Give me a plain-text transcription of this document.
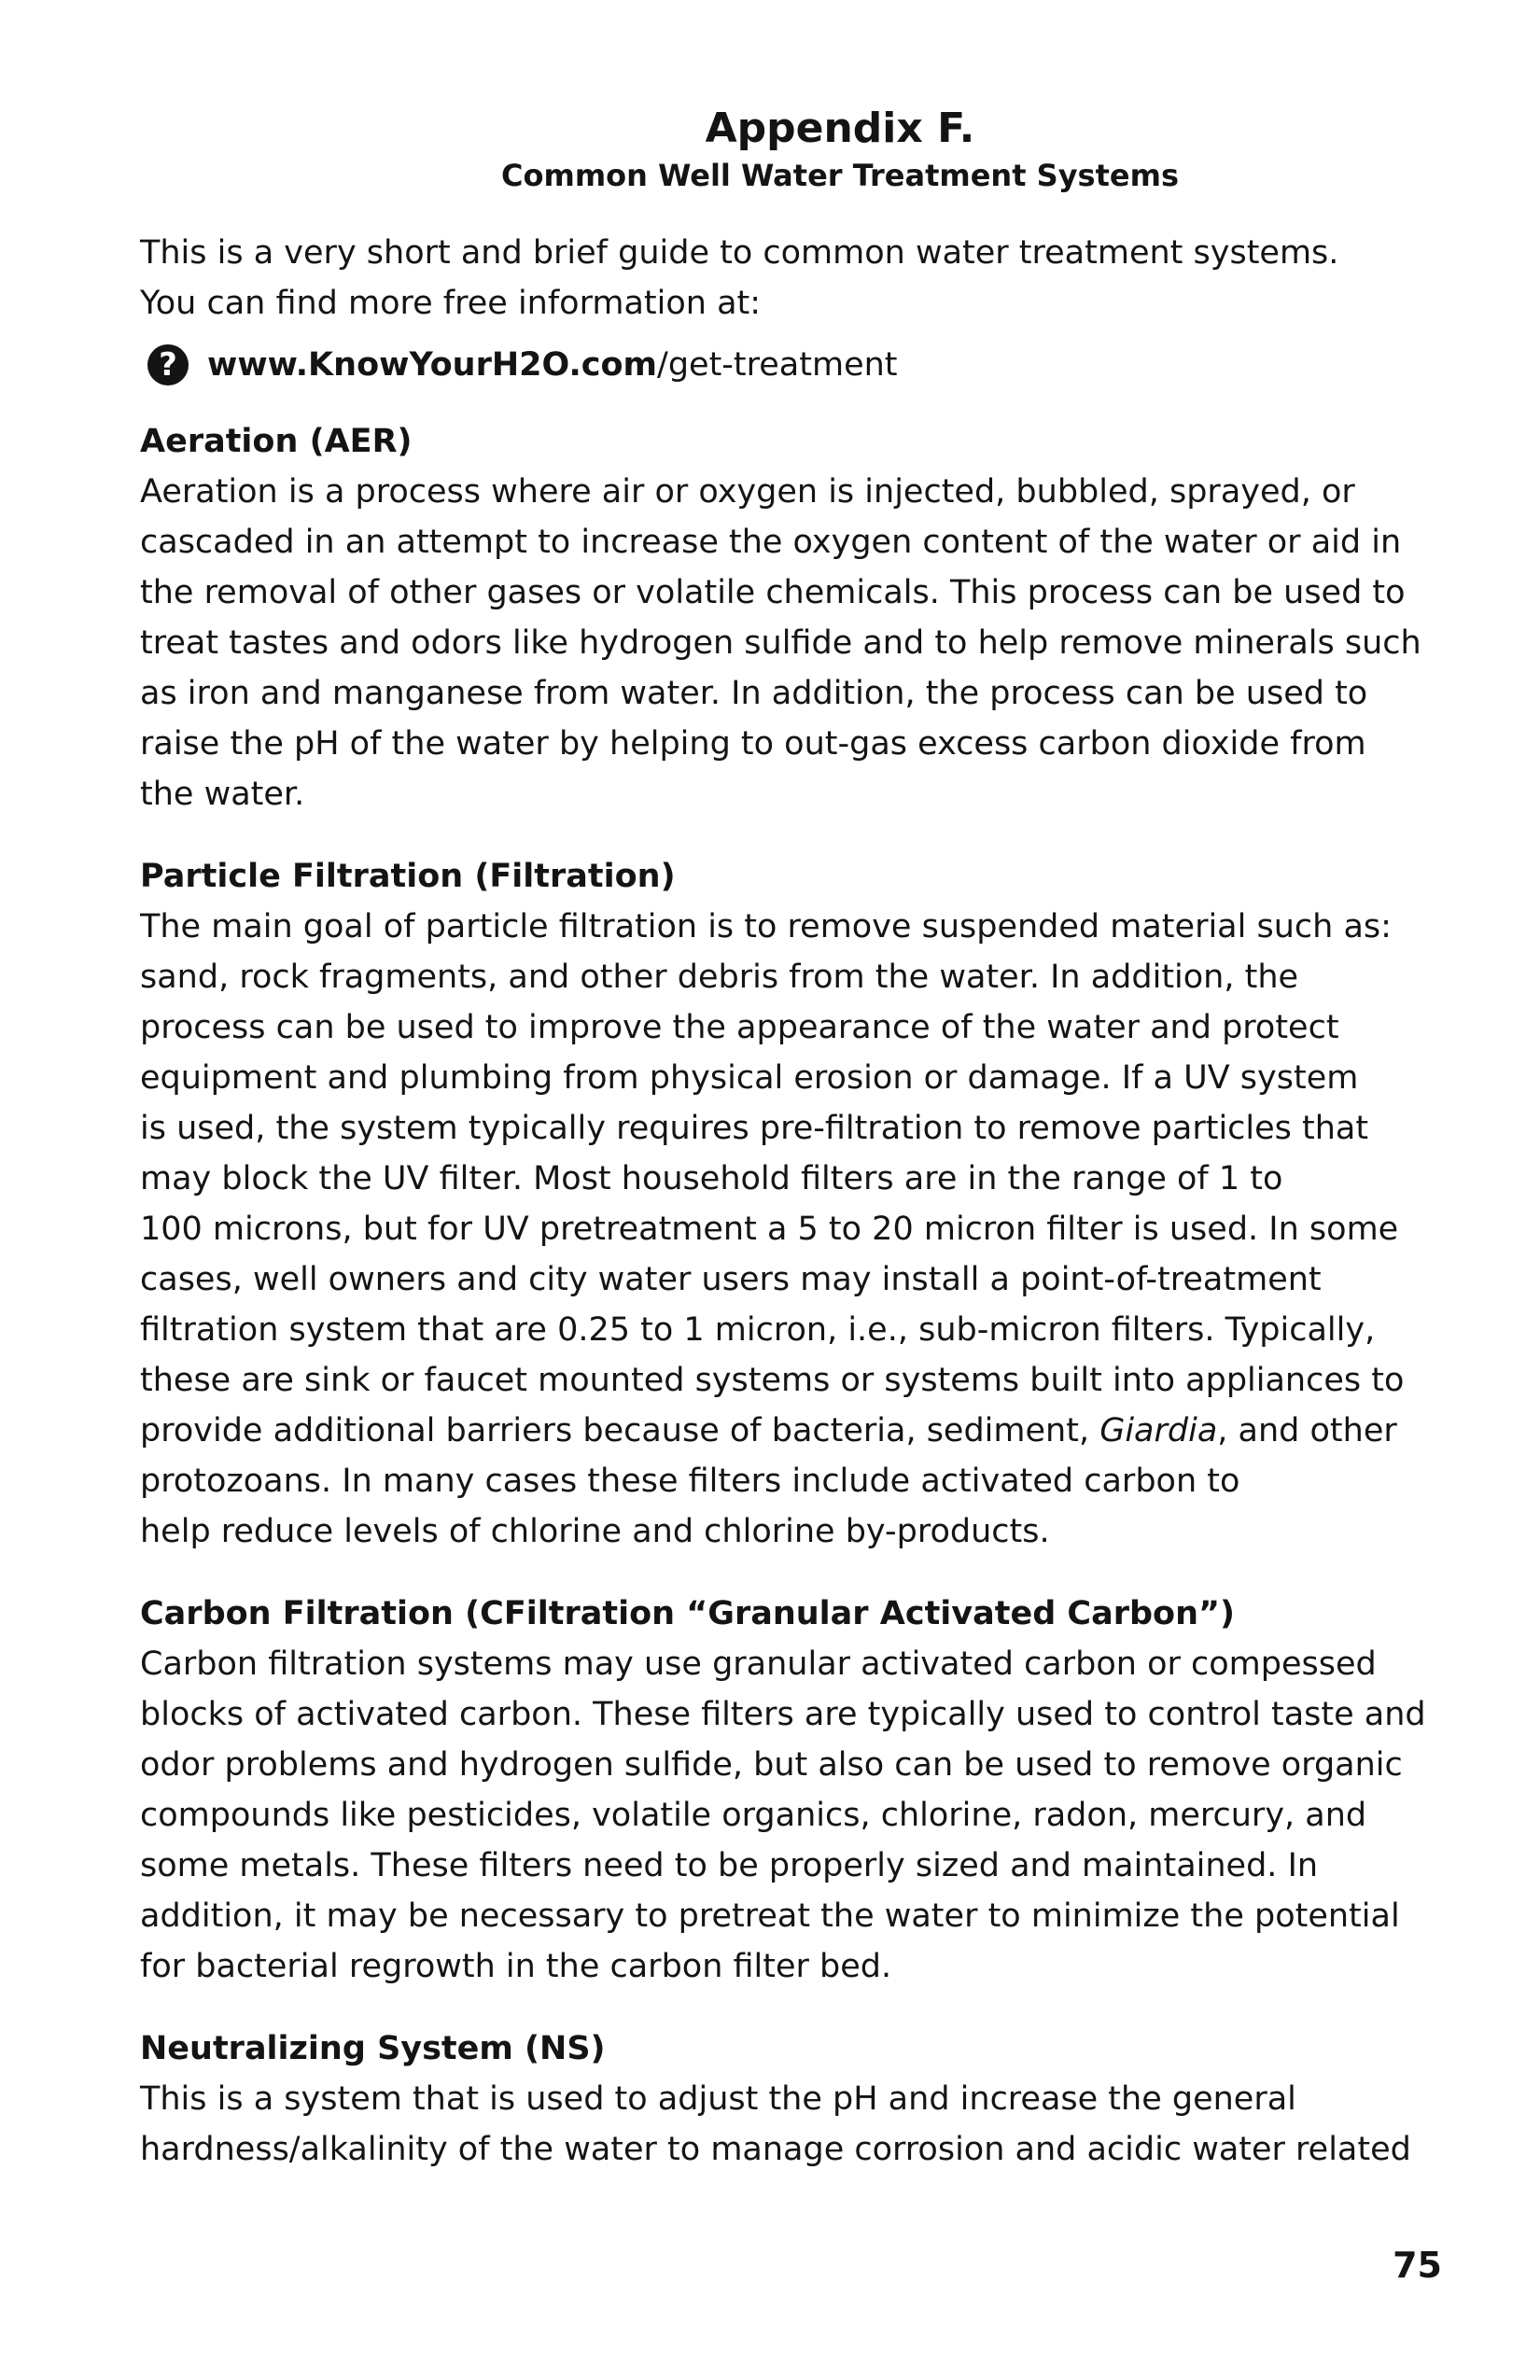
Appendix F.
Common Well Water Treatment Systems

This is a very short and brief guide to common water treatment systems.
You can find more free information at:

? www.KnowYourH2O.com /get-treatment

Aeration (AER)

Aeration is a process where air or oxygen is injected, bubbled, sprayed, or
cascaded in an attempt to increase the oxygen content of the water or aid in
the removal of other gases or volatile chemicals. This process can be used to
treat tastes and odors like hydrogen sulfide and to help remove minerals such
as iron and manganese from water. In addition, the process can be used to
raise the pH of the water by helping to out-gas excess carbon dioxide from
the water.

Particle Filtration (Filtration)

The main goal of particle filtration is to remove suspended material such as:
sand, rock fragments, and other debris from the water. In addition, the
process can be used to improve the appearance of the water and protect
equipment and plumbing from physical erosion or damage. If a UV system
is used, the system typically requires pre-filtration to remove particles that
may block the UV filter. Most household filters are in the range of 1 to
100 microns, but for UV pretreatment a 5 to 20 micron filter is used. In some
cases, well owners and city water users may install a point-of-treatment
filtration system that are 0.25 to 1 micron, i.e., sub-micron filters. Typically,
these are sink or faucet mounted systems or systems built into appliances to
provide additional barriers because of bacteria, sediment, Giardia, and other
protozoans. In many cases these filters include activated carbon to
help reduce levels of chlorine and chlorine by-products.

Carbon Filtration (CFiltration “Granular Activated Carbon”)

Carbon filtration systems may use granular activated carbon or compessed
blocks of activated carbon. These filters are typically used to control taste and
odor problems and hydrogen sulfide, but also can be used to remove organic
compounds like pesticides, volatile organics, chlorine, radon, mercury, and
some metals. These filters need to be properly sized and maintained. In
addition, it may be necessary to pretreat the water to minimize the potential
for bacterial regrowth in the carbon filter bed.

Neutralizing System (NS)

This is a system that is used to adjust the pH and increase the general
hardness/alkalinity of the water to manage corrosion and acidic water related

75
